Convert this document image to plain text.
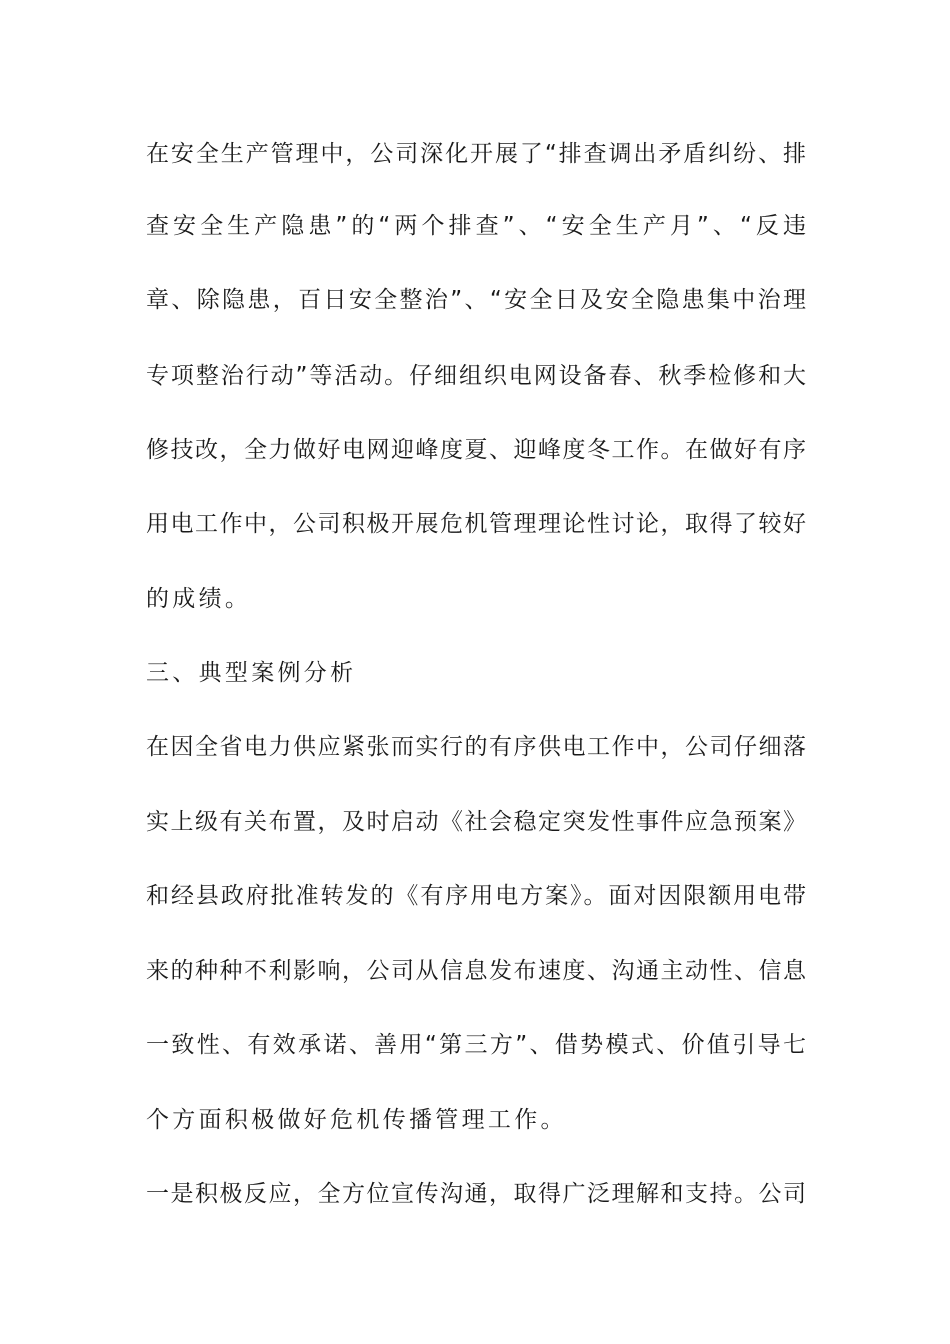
在安全生产管理中，公司深化开展了“排查调出矛盾纠纷、排
查安全生产隐患”的“两个排查”、“安全生产月”、“反违
章、除隐患，百日安全整治”、“安全日及安全隐患集中治理
专项整治行动”等活动。仔细组织电网设备春、秋季检修和大
修技改，全力做好电网迎峰度夏、迎峰度冬工作。在做好有序
用电工作中，公司积极开展危机管理理论性讨论，取得了较好
的成绩。
三、典型案例分析
在因全省电力供应紧张而实行的有序供电工作中，公司仔细落
实上级有关布置，及时启动《社会稳定突发性事件应急预案》
和经县政府批准转发的《有序用电方案》。面对因限额用电带
来的种种不利影响，公司从信息发布速度、沟通主动性、信息
一致性、有效承诺、善用“第三方”、借势模式、价值引导七
个方面积极做好危机传播管理工作。
一是积极反应，全方位宣传沟通，取得广泛理解和支持。公司
